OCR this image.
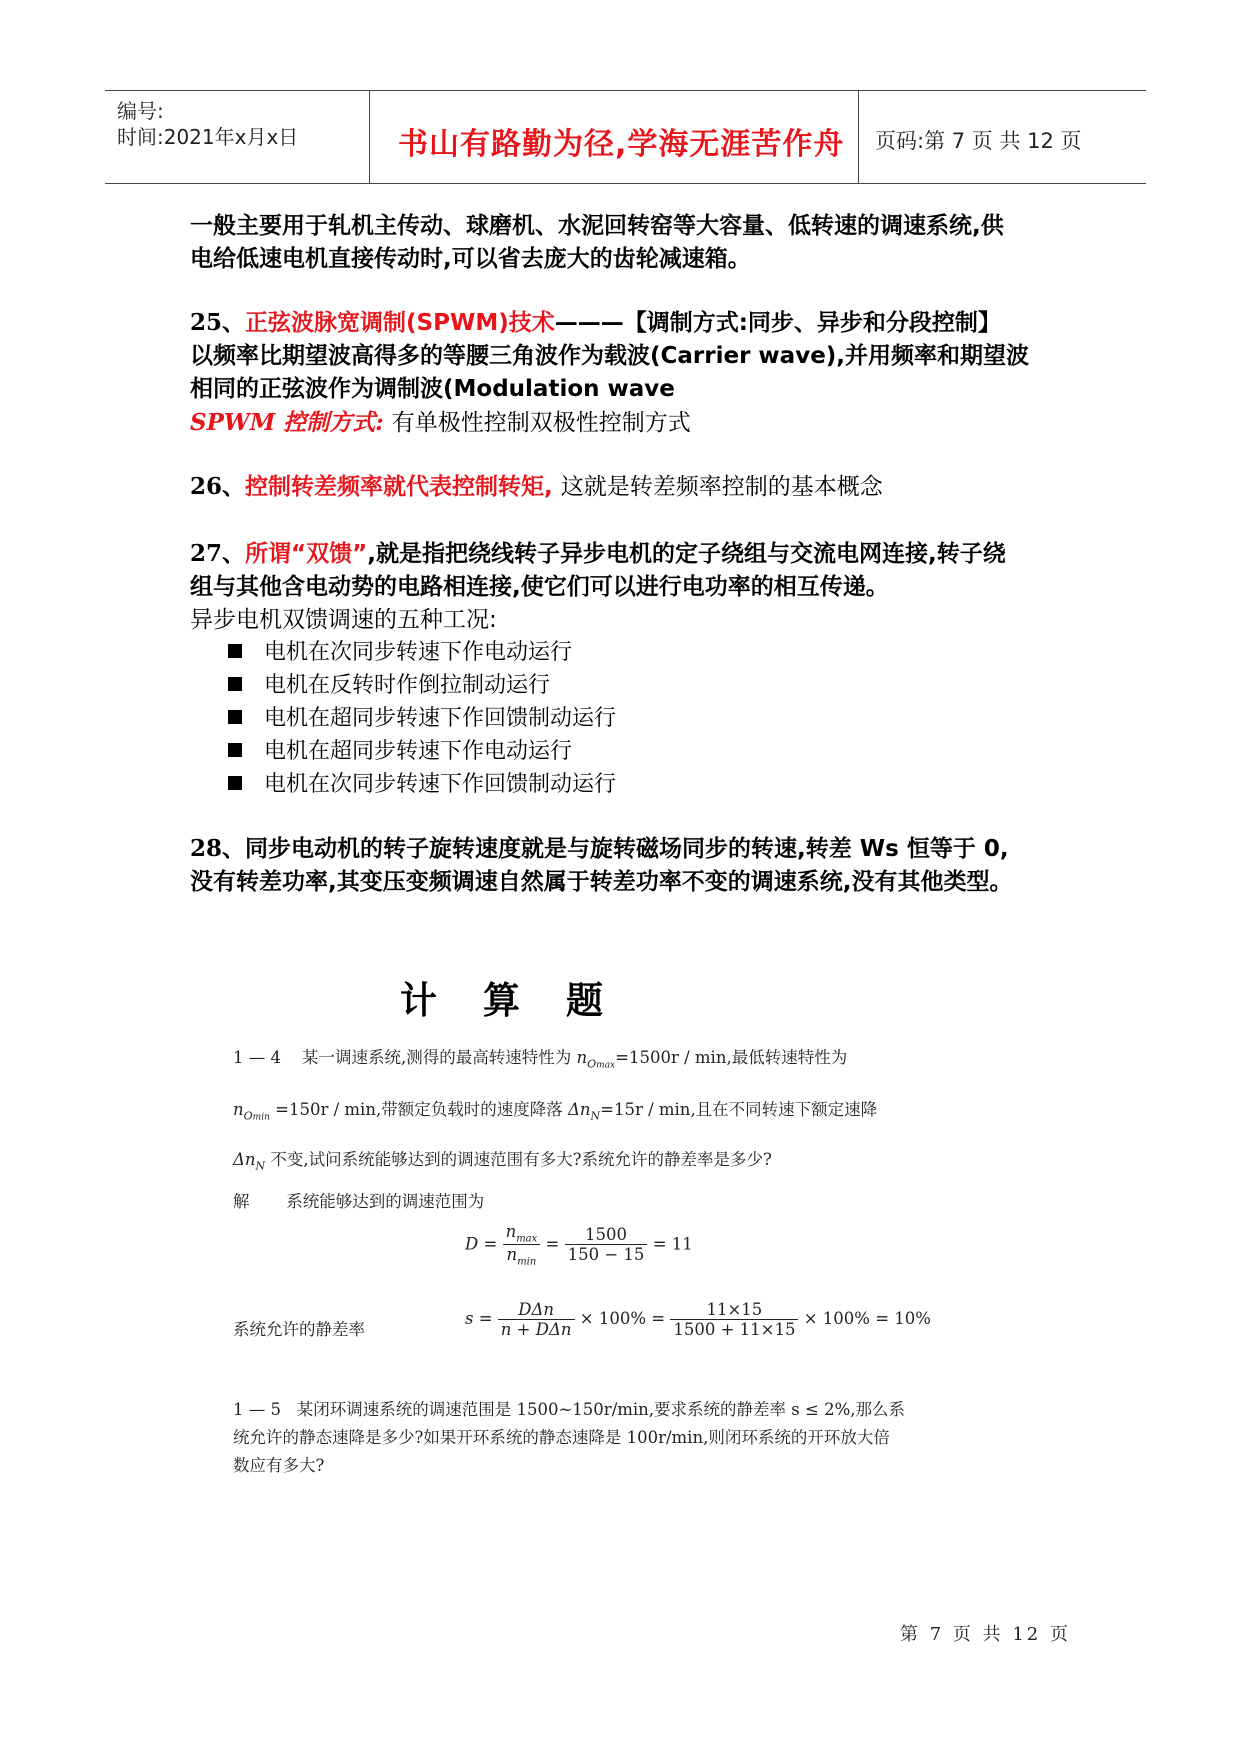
编号:
时间:2021年x月x日	书山有路勤为径,学海无涯苦作舟 页码:第 7 页 共 12 页
一般主要用于轧机主传动、球磨机、水泥回转窑等大容量、低转速的调速系统,供
电给低速电机直接传动时,可以省去庞大的齿轮减速箱。
25、正弦波脉宽调制(SPWM)技术———【调制方式:同步、异步和分段控制】
以频率比期望波高得多的等腰三角波作为载波(Carrier wave),并用频率和期望波
相同的正弦波作为调制波(Modulation wave
SPWM 控制方式: 有单极性控制双极性控制方式
26、控制转差频率就代表控制转矩, 这就是转差频率控制的基本概念
27、所谓“双馈”,就是指把绕线转子异步电机的定子绕组与交流电网连接,转子绕
组与其他含电动势的电路相连接,使它们可以进行电功率的相互传递。
异步电机双馈调速的五种工况:
电机在次同步转速下作电动运行
电机在反转时作倒拉制动运行
电机在超同步转速下作回馈制动运行
电机在超同步转速下作电动运行
电机在次同步转速下作回馈制动运行
28、同步电动机的转子旋转速度就是与旋转磁场同步的转速,转差 Ws 恒等于 0,
没有转差功率,其变压变频调速自然属于转差功率不变的调速系统,没有其他类型。
计算题
1 — 4 某一调速系统,测得的最高转速特性为 $n_{Omax}=1500r / \min$,最低转速特性为
$n_{Omin} =150r / \min$,带额定负载时的速度降落 $\Delta n_N=15r / \min$,且在不同转速下额定速降
$\Delta n_N$ 不变,试问系统能够达到的调速范围有多大?系统允许的静差率是多少?
解 系统能够达到的调速范围为
$D = \frac{n_{max}}{n_{min}} = \frac{1500}{150 - 15} = 11$
系统允许的静差率
$s = \frac{\text{DΔn}}{\text{n + DΔn}} \times 100\% = \frac{11\times 15}{1500 + 11\times 15} \times 100\% = 10\%$
1 — 5 某闭环调速系统的调速范围是 1500~150r/min,要求系统的静差率 s ≤ 2%,那么系
统允许的静态速降是多少?如果开环系统的静态速降是 100r/min,则闭环系统的开环放大倍
数应有多大?
第 7 页 共 12 页
